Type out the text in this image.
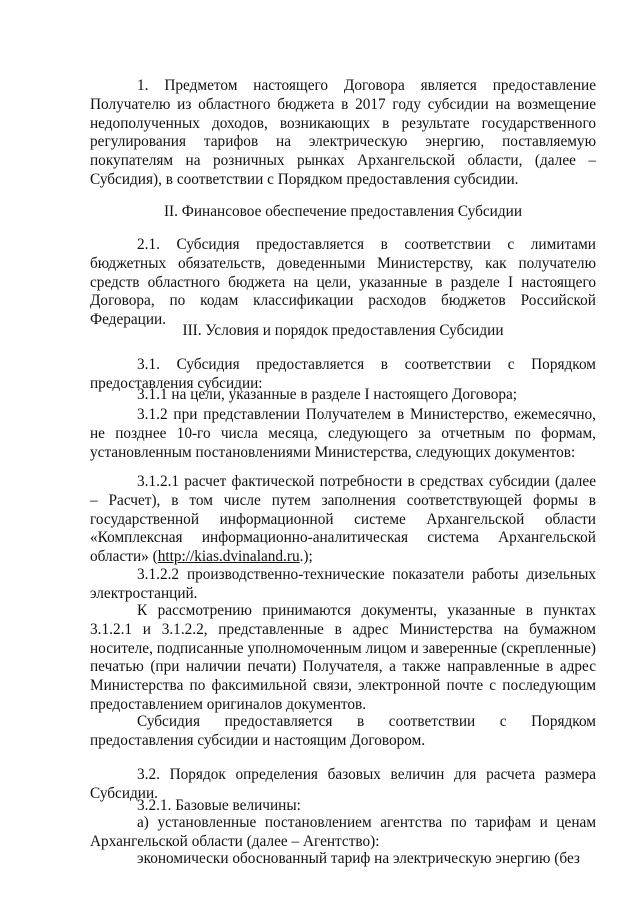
1. Предметом настоящего Договора является предоставление Получателю из областного бюджета в 2017 году субсидии на возмещение недополученных доходов, возникающих в результате государственного регулирования тарифов на электрическую энергию, поставляемую покупателям на розничных рынках Архангельской области, (далее – Субсидия), в соответствии с Порядком предоставления субсидии.

II. Финансовое обеспечение предоставления Субсидии

2.1. Субсидия предоставляется в соответствии с лимитами бюджетных обязательств, доведенными Министерству, как получателю средств областного бюджета на цели, указанные в разделе I настоящего Договора, по кодам классификации расходов бюджетов Российской Федерации.

III. Условия и порядок предоставления Субсидии

3.1. Субсидия предоставляется в соответствии с Порядком предоставления субсидии:

3.1.1 на цели, указанные в разделе I настоящего Договора;

3.1.2 при представлении Получателем в Министерство, ежемесячно, не позднее 10-го числа месяца, следующего за отчетным по формам, установленным постановлениями Министерства, следующих документов:

3.1.2.1 расчет фактической потребности в средствах субсидии (далее – Расчет), в том числе путем заполнения соответствующей формы в государственной информационной системе Архангельской области «Комплексная информационно-аналитическая система Архангельской области» (http://kias.dvinaland.ru.);

3.1.2.2 производственно-технические показатели работы дизельных электростанций.

К рассмотрению принимаются документы, указанные в пунктах 3.1.2.1 и 3.1.2.2, представленные в адрес Министерства на бумажном носителе, подписанные уполномоченным лицом и заверенные (скрепленные) печатью (при наличии печати) Получателя, а также направленные в адрес Министерства по факсимильной связи, электронной почте с последующим предоставлением оригиналов документов.

Субсидия предоставляется в соответствии с Порядком предоставления субсидии и настоящим Договором.

3.2. Порядок определения базовых величин для расчета размера Субсидии.

3.2.1. Базовые величины:

а) установленные постановлением агентства по тарифам и ценам Архангельской области (далее – Агентство):

экономически обоснованный тариф на электрическую энергию (без
